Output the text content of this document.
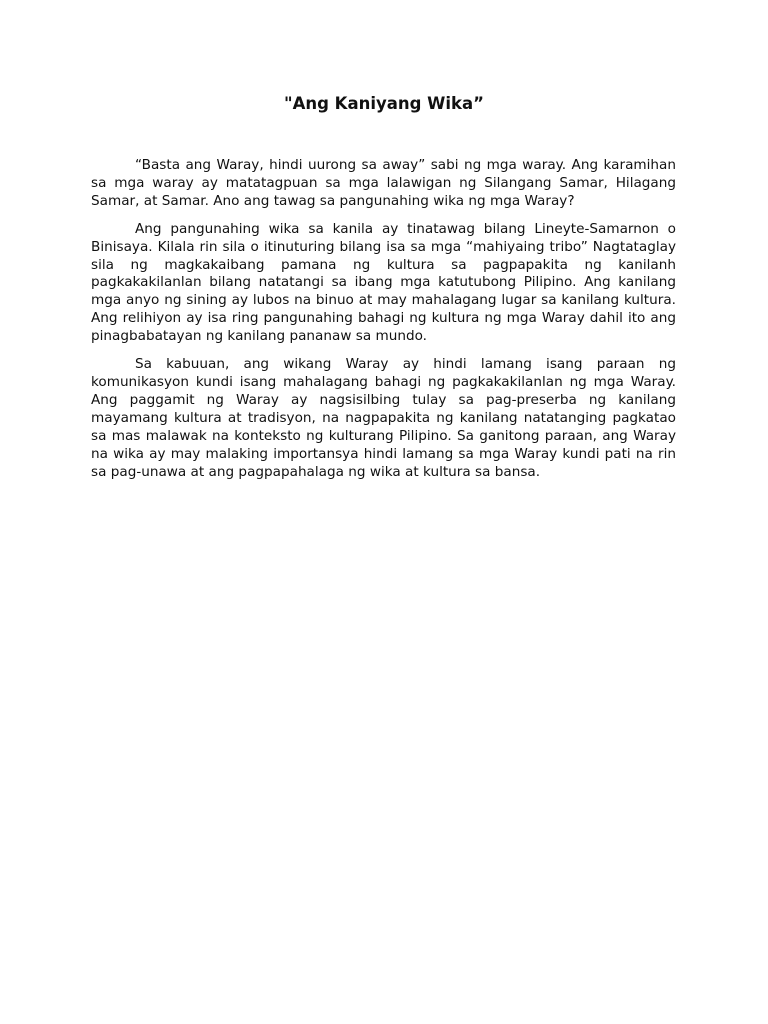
"Ang Kaniyang Wika”

“Basta ang Waray, hindi uurong sa away” sabi ng mga waray. Ang karamihan sa mga waray ay matatagpuan sa mga lalawigan ng Silangang Samar, Hilagang Samar, at Samar. Ano ang tawag sa pangunahing wika ng mga Waray?

Ang pangunahing wika sa kanila ay tinatawag bilang Lineyte-Samarnon o Binisaya. Kilala rin sila o itinuturing bilang isa sa mga “mahiyaing tribo” Nagtataglay sila ng magkakaibang pamana ng kultura sa pagpapakita ng kanilanh pagkakakilanlan bilang natatangi sa ibang mga katutubong Pilipino. Ang kanilang mga anyo ng sining ay lubos na binuo at may mahalagang lugar sa kanilang kultura. Ang relihiyon ay isa ring pangunahing bahagi ng kultura ng mga Waray dahil ito ang pinagbabatayan ng kanilang pananaw sa mundo.

Sa kabuuan, ang wikang Waray ay hindi lamang isang paraan ng komunikasyon kundi isang mahalagang bahagi ng pagkakakilanlan ng mga Waray. Ang paggamit ng Waray ay nagsisilbing tulay sa pag-preserba ng kanilang mayamang kultura at tradisyon, na nagpapakita ng kanilang natatanging pagkatao sa mas malawak na konteksto ng kulturang Pilipino. Sa ganitong paraan, ang Waray na wika ay may malaking importansya hindi lamang sa mga Waray kundi pati na rin sa pag-unawa at ang pagpapahalaga ng wika at kultura sa bansa.
